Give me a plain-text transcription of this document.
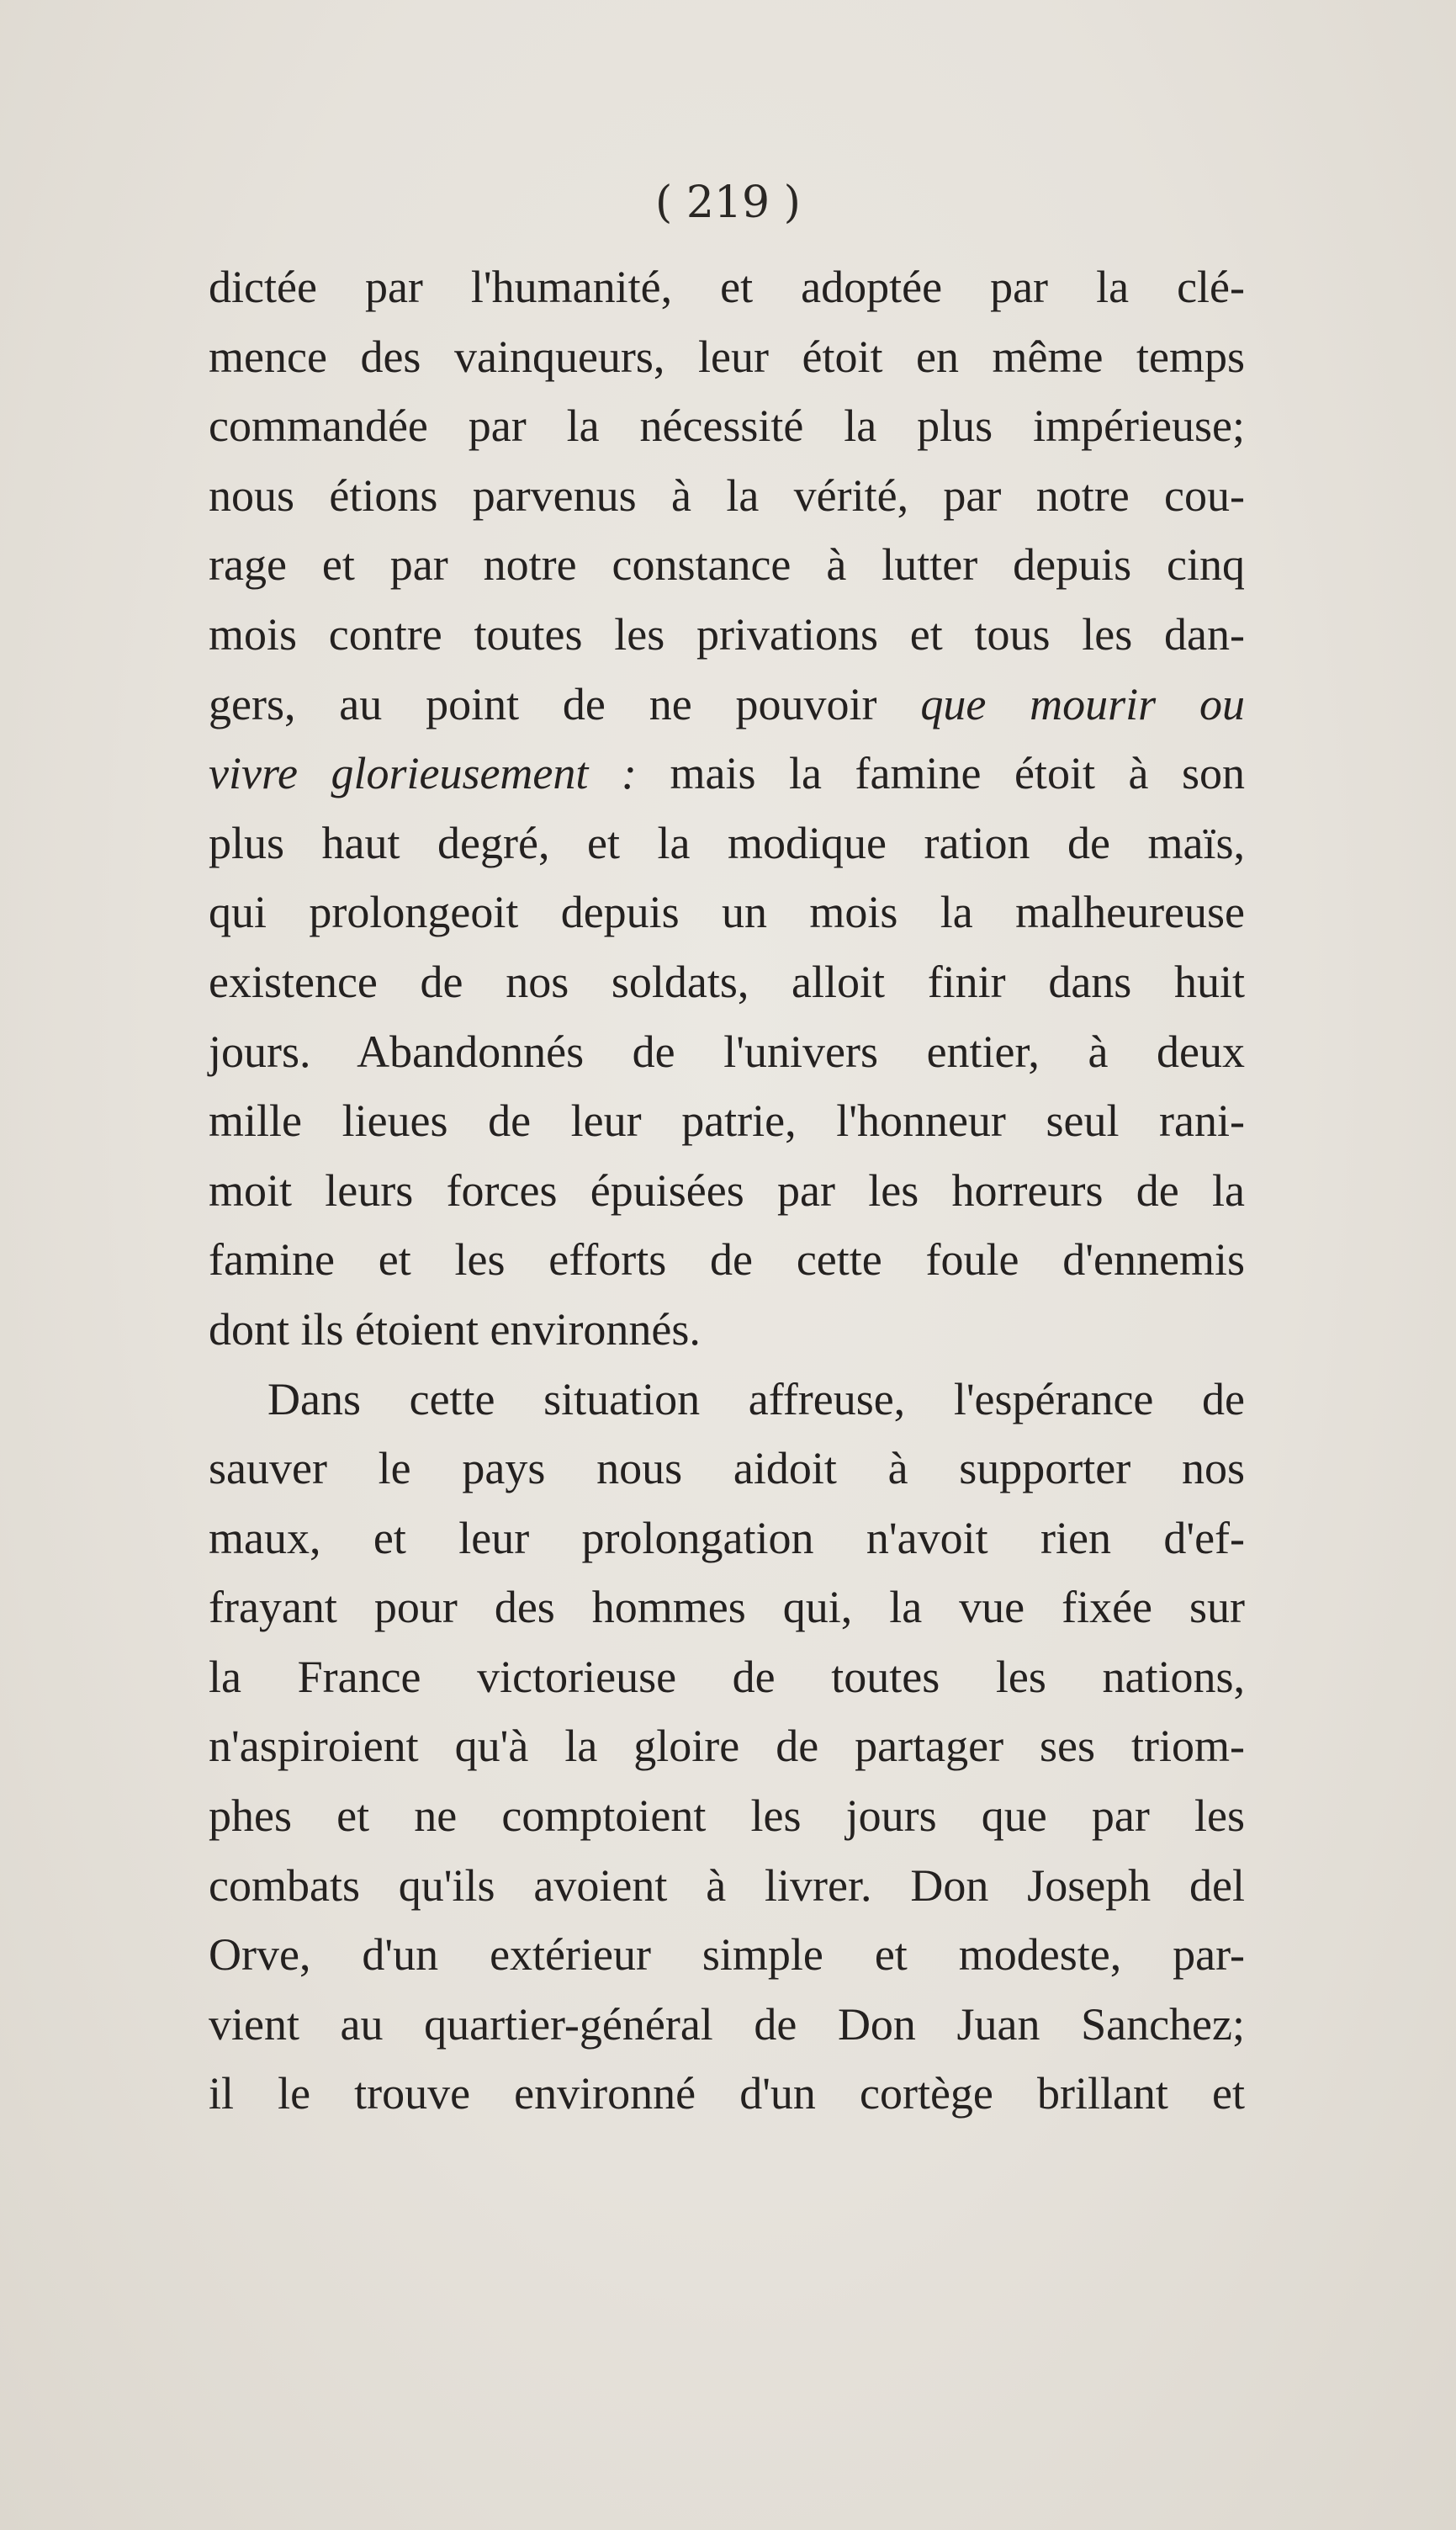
( 219 )
dictée par l'humanité, et adoptée par la clé-
mence des vainqueurs, leur étoit en même temps
commandée par la nécessité la plus impérieuse;
nous étions parvenus à la vérité, par notre cou-
rage et par notre constance à lutter depuis cinq
mois contre toutes les privations et tous les dan-
gers, au point de ne pouvoir que mourir ou
vivre glorieusement : mais la famine étoit à son
plus haut degré, et la modique ration de maïs,
qui prolongeoit depuis un mois la malheureuse
existence de nos soldats, alloit finir dans huit
jours. Abandonnés de l'univers entier, à deux
mille lieues de leur patrie, l'honneur seul rani-
moit leurs forces épuisées par les horreurs de la
famine et les efforts de cette foule d'ennemis
dont ils étoient environnés.
Dans cette situation affreuse, l'espérance de
sauver le pays nous aidoit à supporter nos
maux, et leur prolongation n'avoit rien d'ef-
frayant pour des hommes qui, la vue fixée sur
la France victorieuse de toutes les nations,
n'aspiroient qu'à la gloire de partager ses triom-
phes et ne comptoient les jours que par les
combats qu'ils avoient à livrer. Don Joseph del
Orve, d'un extérieur simple et modeste, par-
vient au quartier-général de Don Juan Sanchez;
il le trouve environné d'un cortège brillant et
